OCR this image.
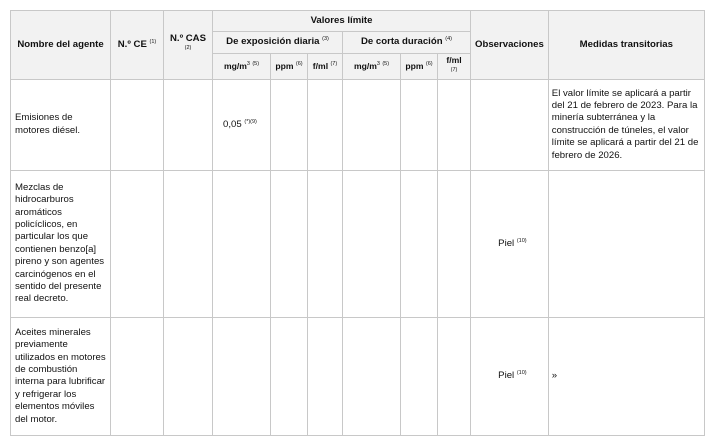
Nombre del agente	N.º CE $^{(1)}$	N.º CAS $^{(2)}$	Valores límite						Observaciones	Medidas transitorias
			De exposición diaria $^{(3)}$			De corta duración $^{(4)}$
			$mg/m^3$ $^{(5)}$	ppm $^{(6)}$	f/ml $^{(7)}$	$mg/m^3$ $^{(5)}$	ppm $^{(6)}$	f/ml $^{(7)}$
Emisiones de motores diésel.			0,05 $^{(*)(9)}$							El valor límite se aplicará a partir del 21 de febrero de 2023. Para la minería subterránea y la construcción de túneles, el valor límite se aplicará a partir del 21 de febrero de 2026.
Mezclas de hidrocarburos aromáticos policíclicos, en particular los que contienen benzo[a] pireno y son agentes carcinógenos en el sentido del presente real decreto.									Piel $^{(10)}$	
Aceites minerales previamente utilizados en motores de combustión interna para lubrificar y refrigerar los elementos móviles del motor.									Piel $^{(10)}$	»
